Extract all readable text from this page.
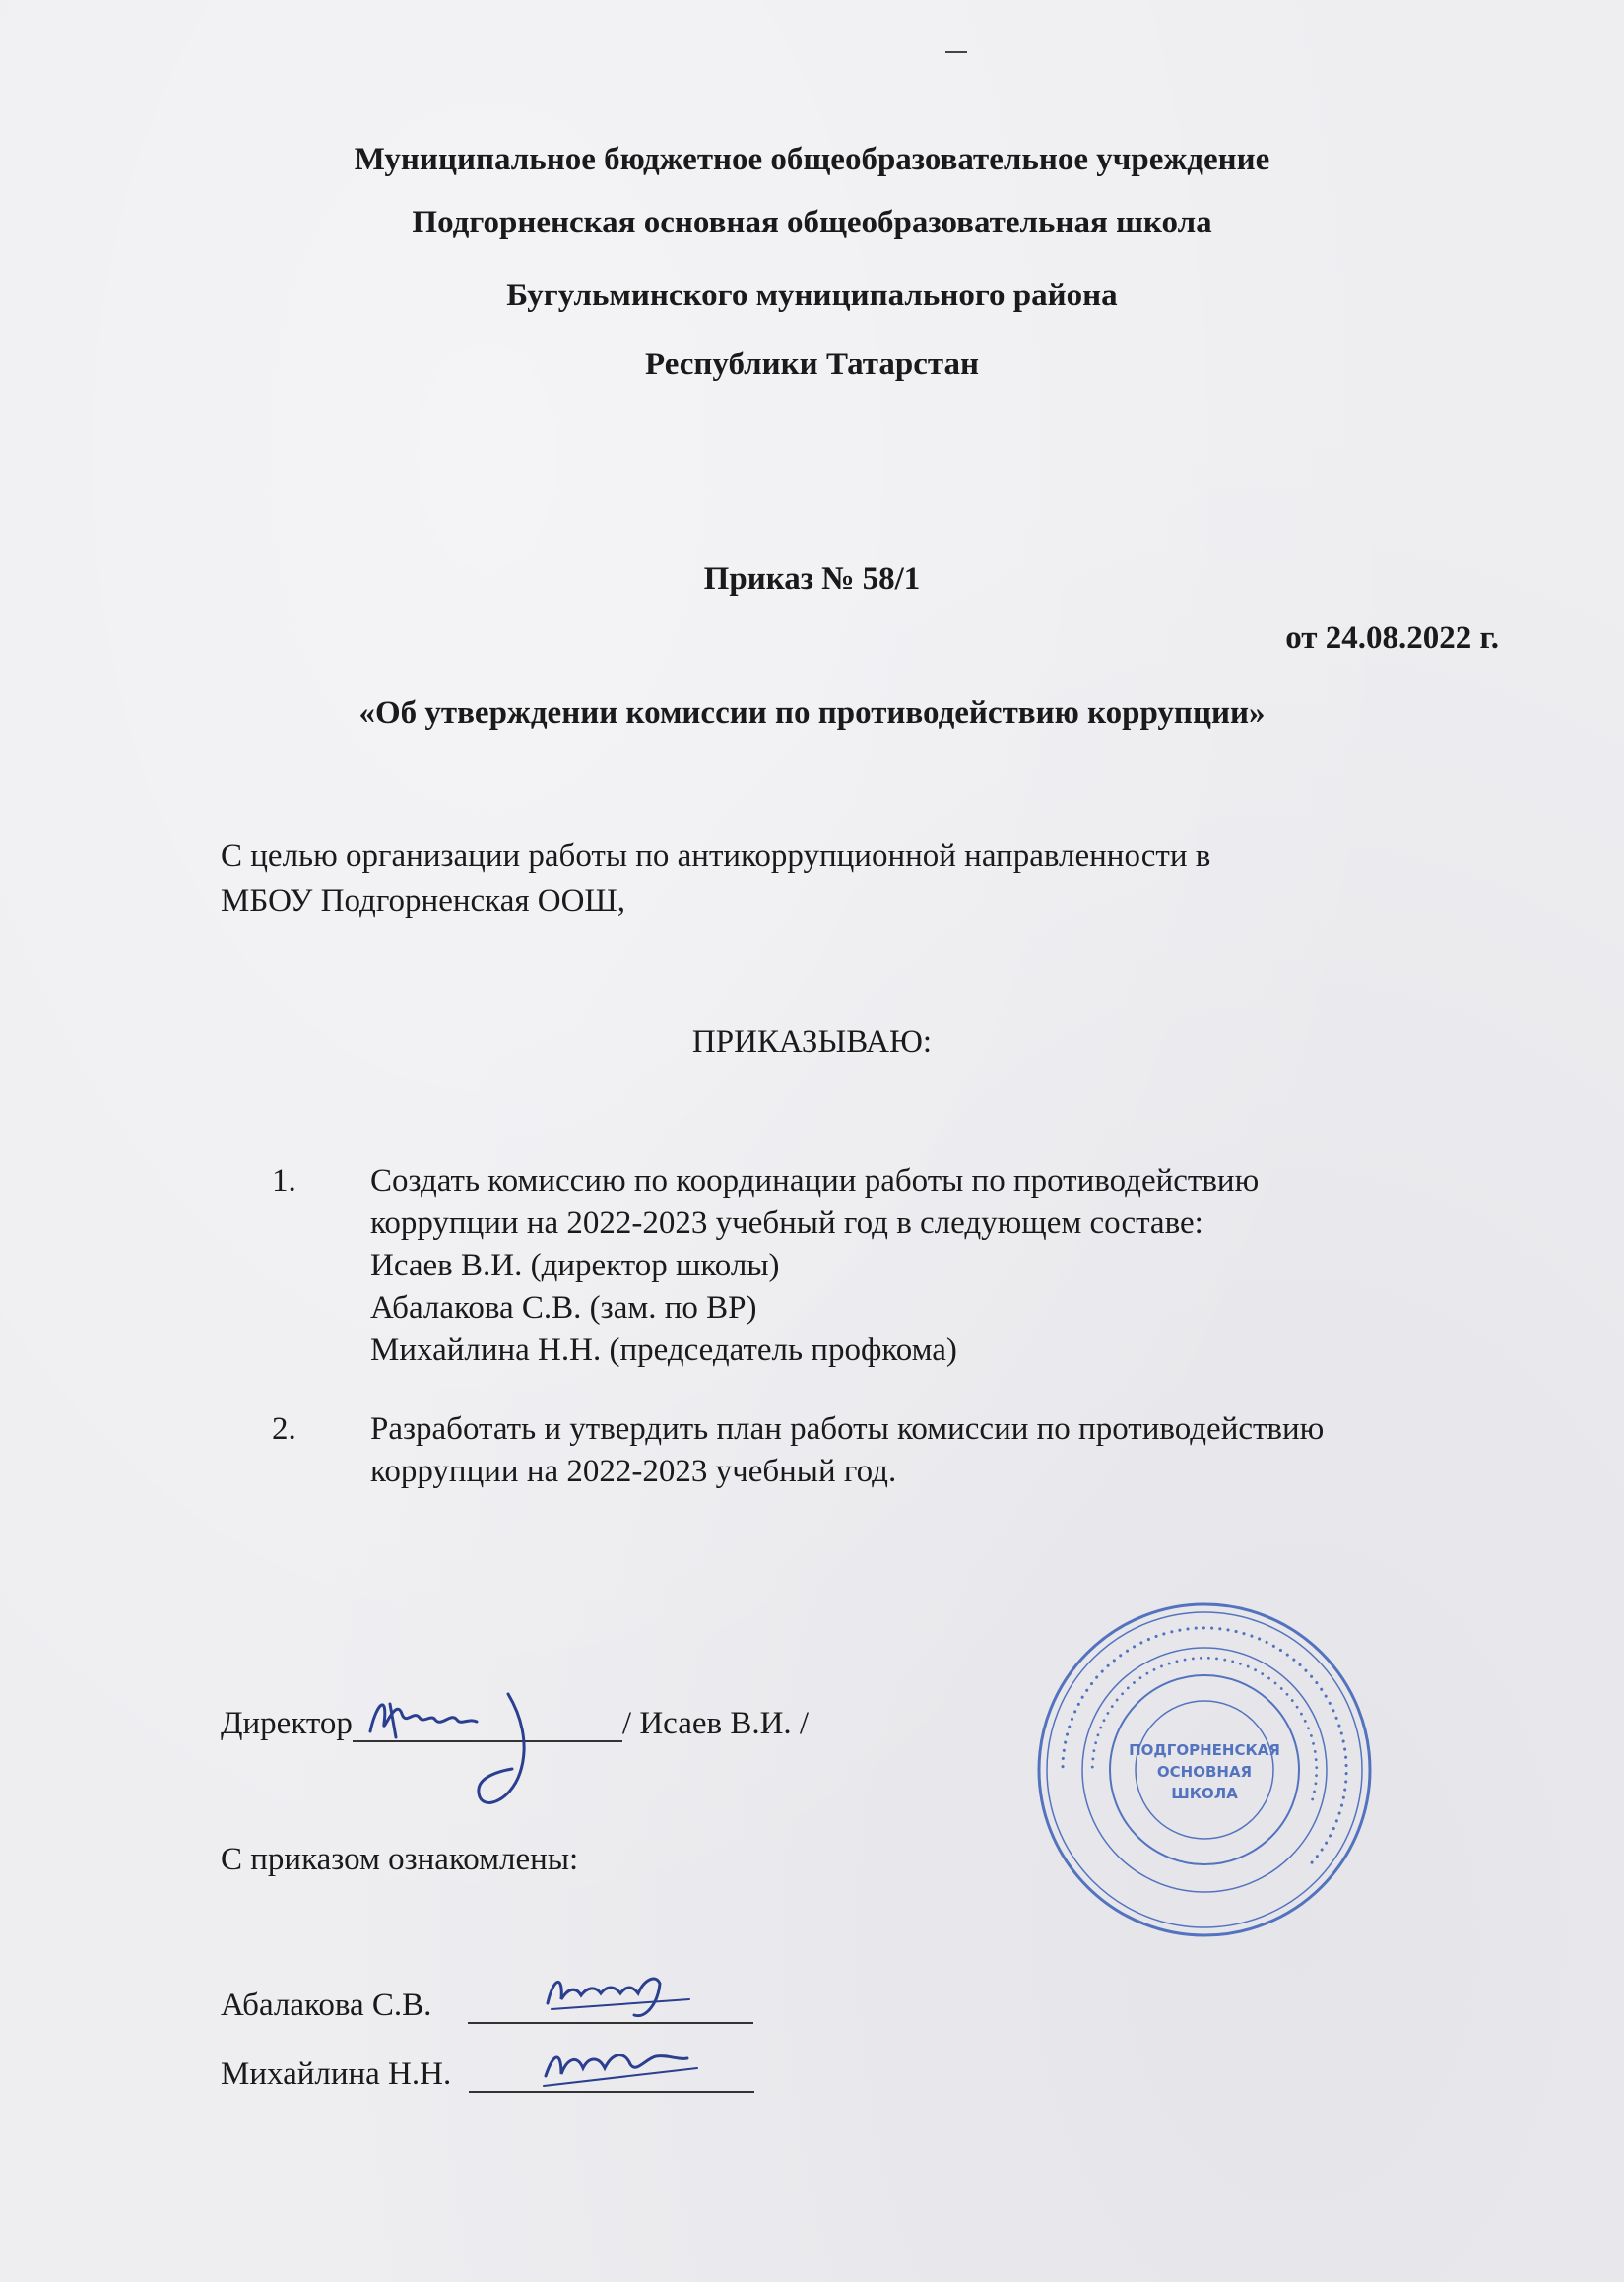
Муниципальное бюджетное общеобразовательное учреждение

Подгорненская основная общеобразовательная школа

Бугульминского муниципального района

Республики Татарстан

Приказ № 58/1

от 24.08.2022 г.

«Об утверждении комиссии по противодействию коррупции»

С целью организации работы по антикоррупционной направленности в
МБОУ Подгорненская ООШ,

ПРИКАЗЫВАЮ:

1. Создать комиссию по координации работы по противодействию
коррупции на 2022-2023 учебный год в следующем составе:
Исаев В.И. (директор школы)
Абалакова С.В. (зам. по ВР)
Михайлина Н.Н. (председатель профкома)
2. Разработать и утвердить план работы комиссии по противодействию
коррупции на 2022-2023 учебный год.
Директор	/ Исаев В.И. /
С приказом ознакомлены:
Абалакова С.В.
Михайлина Н.Н.
••••••••••••••••••••••••••••••••••••••••••••••••••••••••••••••••••••
••••••••••••••••••••••••••••••••••••••••••••••••
ПОДГОРНЕНСКАЯ
ОСНОВНАЯ
ШКОЛА
